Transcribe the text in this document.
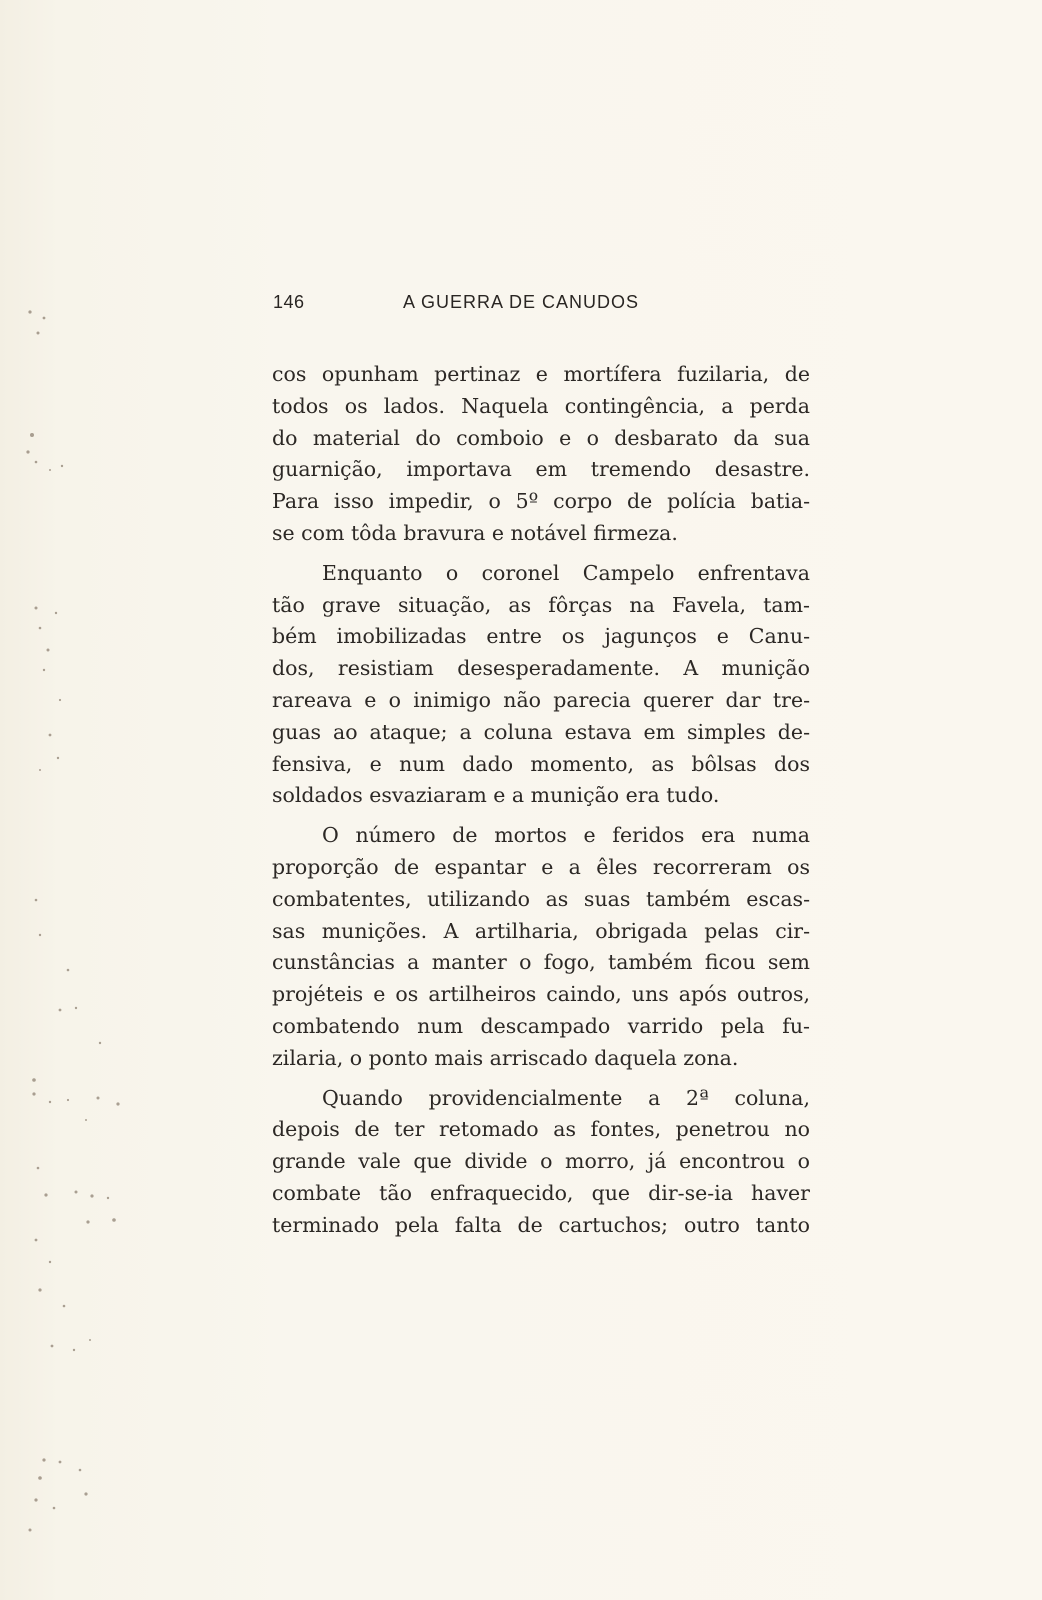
146	A GUERRA DE CANUDOS
cos opunham pertinaz e mortífera fuzilaria, de
todos os lados. Naquela contingência, a perda
do material do comboio e o desbarato da sua
guarnição, importava em tremendo desastre.
Para isso impedir, o 5º corpo de polícia batia-
se com tôda bravura e notável firmeza.
Enquanto o coronel Campelo enfrentava
tão grave situação, as fôrças na Favela, tam-
bém imobilizadas entre os jagunços e Canu-
dos, resistiam desesperadamente. A munição
rareava e o inimigo não parecia querer dar tre-
guas ao ataque; a coluna estava em simples de-
fensiva, e num dado momento, as bôlsas dos
soldados esvaziaram e a munição era tudo.
O número de mortos e feridos era numa
proporção de espantar e a êles recorreram os
combatentes, utilizando as suas também escas-
sas munições. A artilharia, obrigada pelas cir-
cunstâncias a manter o fogo, também ficou sem
projéteis e os artilheiros caindo, uns após outros,
combatendo num descampado varrido pela fu-
zilaria, o ponto mais arriscado daquela zona.
Quando providencialmente a 2ª coluna,
depois de ter retomado as fontes, penetrou no
grande vale que divide o morro, já encontrou o
combate tão enfraquecido, que dir-se-ia haver
terminado pela falta de cartuchos; outro tanto
